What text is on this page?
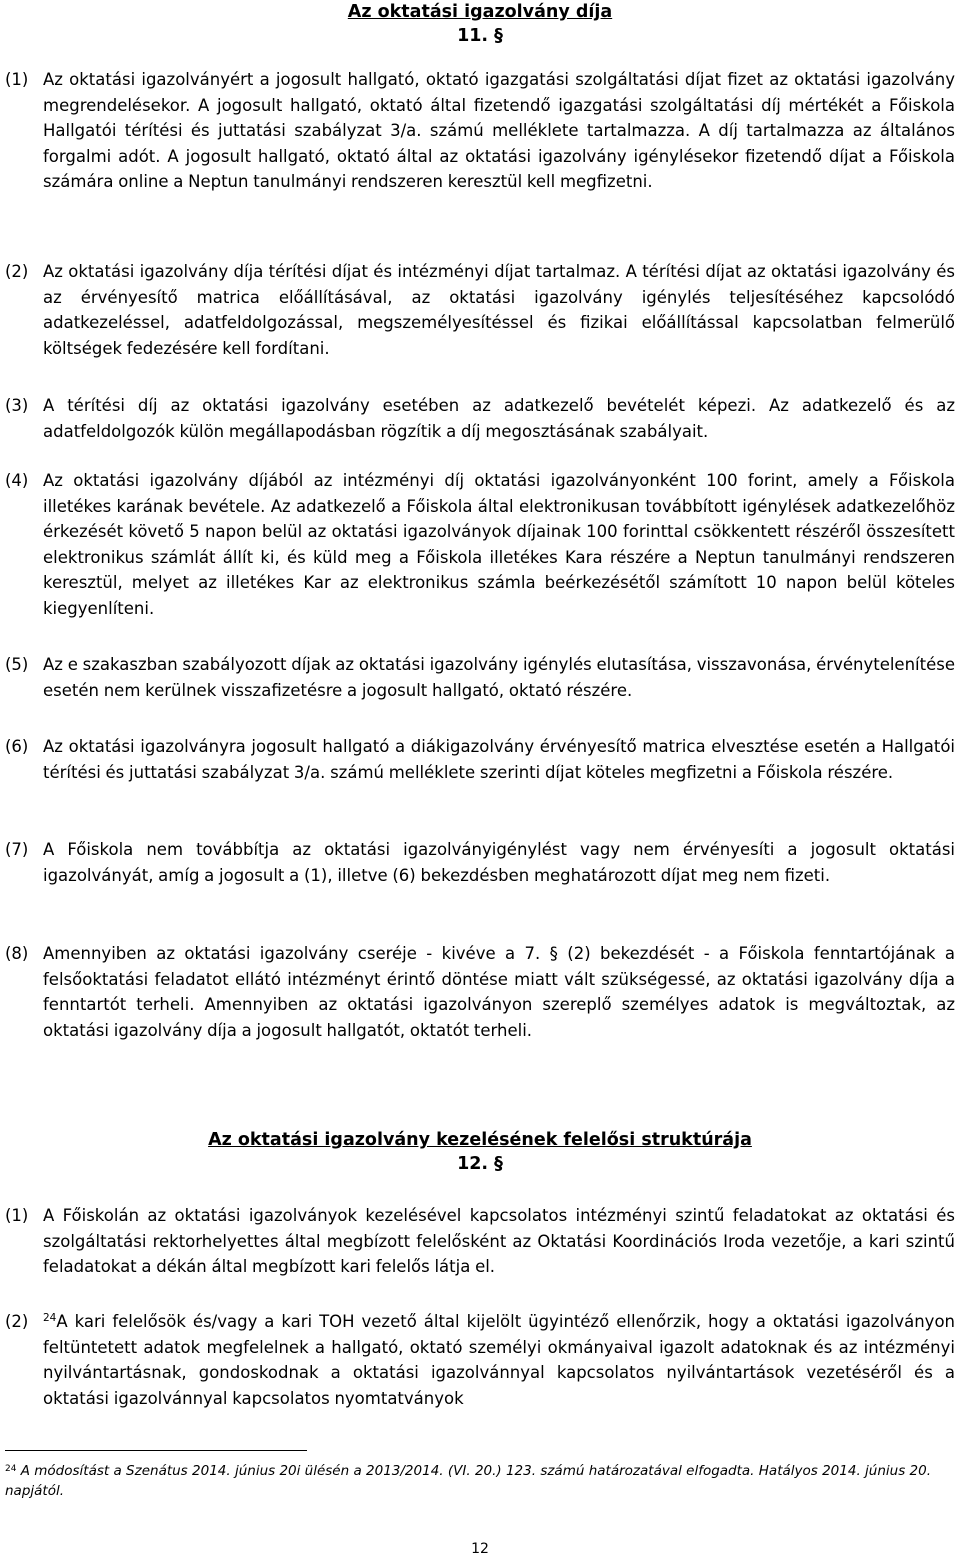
Az oktatási igazolvány díja
11. §
(1) Az oktatási igazolványért a jogosult hallgató, oktató igazgatási szolgáltatási díjat fizet az oktatási igazolvány megrendelésekor. A jogosult hallgató, oktató által fizetendő igazgatási szolgáltatási díj mértékét a Főiskola Hallgatói térítési és juttatási szabályzat 3/a. számú melléklete tartalmazza. A díj tartalmazza az általános forgalmi adót. A jogosult hallgató, oktató által az oktatási igazolvány igénylésekor fizetendő díjat a Főiskola számára online a Neptun tanulmányi rendszeren keresztül kell megfizetni.
(2) Az oktatási igazolvány díja térítési díjat és intézményi díjat tartalmaz. A térítési díjat az oktatási igazolvány és az érvényesítő matrica előállításával, az oktatási igazolvány igénylés teljesítéséhez kapcsolódó adatkezeléssel, adatfeldolgozással, megszemélyesítéssel és fizikai előállítással kapcsolatban felmerülő költségek fedezésére kell fordítani.
(3) A térítési díj az oktatási igazolvány esetében az adatkezelő bevételét képezi. Az adatkezelő és az adatfeldolgozók külön megállapodásban rögzítik a díj megosztásának szabályait.
(4) Az oktatási igazolvány díjából az intézményi díj oktatási igazolványonként 100 forint, amely a Főiskola illetékes karának bevétele. Az adatkezelő a Főiskola által elektronikusan továbbított igénylések adatkezelőhöz érkezését követő 5 napon belül az oktatási igazolványok díjainak 100 forinttal csökkentett részéről összesített elektronikus számlát állít ki, és küld meg a Főiskola illetékes Kara részére a Neptun tanulmányi rendszeren keresztül, melyet az illetékes Kar az elektronikus számla beérkezésétől számított 10 napon belül köteles kiegyenlíteni.
(5) Az e szakaszban szabályozott díjak az oktatási igazolvány igénylés elutasítása, visszavonása, érvénytelenítése esetén nem kerülnek visszafizetésre a jogosult hallgató, oktató részére.
(6) Az oktatási igazolványra jogosult hallgató a diákigazolvány érvényesítő matrica elvesztése esetén a Hallgatói térítési és juttatási szabályzat 3/a. számú melléklete szerinti díjat köteles megfizetni a Főiskola részére.
(7) A Főiskola nem továbbítja az oktatási igazolványigénylést vagy nem érvényesíti a jogosult oktatási igazolványát, amíg a jogosult a (1), illetve (6) bekezdésben meghatározott díjat meg nem fizeti.
(8) Amennyiben az oktatási igazolvány cseréje - kivéve a 7. § (2) bekezdését - a Főiskola fenntartójának a felsőoktatási feladatot ellátó intézményt érintő döntése miatt vált szükségessé, az oktatási igazolvány díja a fenntartót terheli. Amennyiben az oktatási igazolványon szereplő személyes adatok is megváltoztak, az oktatási igazolvány díja a jogosult hallgatót, oktatót terheli.
Az oktatási igazolvány kezelésének felelősi struktúrája
12. §
(1) A Főiskolán az oktatási igazolványok kezelésével kapcsolatos intézményi szintű feladatokat az oktatási és szolgáltatási rektorhelyettes által megbízott felelősként az Oktatási Koordinációs Iroda vezetője, a kari szintű feladatokat a dékán által megbízott kari felelős látja el.
(2) $^{24}$A kari felelősök és/vagy a kari TOH vezető által kijelölt ügyintéző ellenőrzik, hogy a oktatási igazolványon feltüntetett adatok megfelelnek a hallgató, oktató személyi okmányaival igazolt adatoknak és az intézményi nyilvántartásnak, gondoskodnak a oktatási igazolvánnyal kapcsolatos nyilvántartások vezetéséről és a oktatási igazolvánnyal kapcsolatos nyomtatványok
$^{24}$ A módosítást a Szenátus 2014. június 20i ülésén a 2013/2014. (VI. 20.) 123. számú határozatával elfogadta. Hatályos 2014. június 20. napjától.
12
